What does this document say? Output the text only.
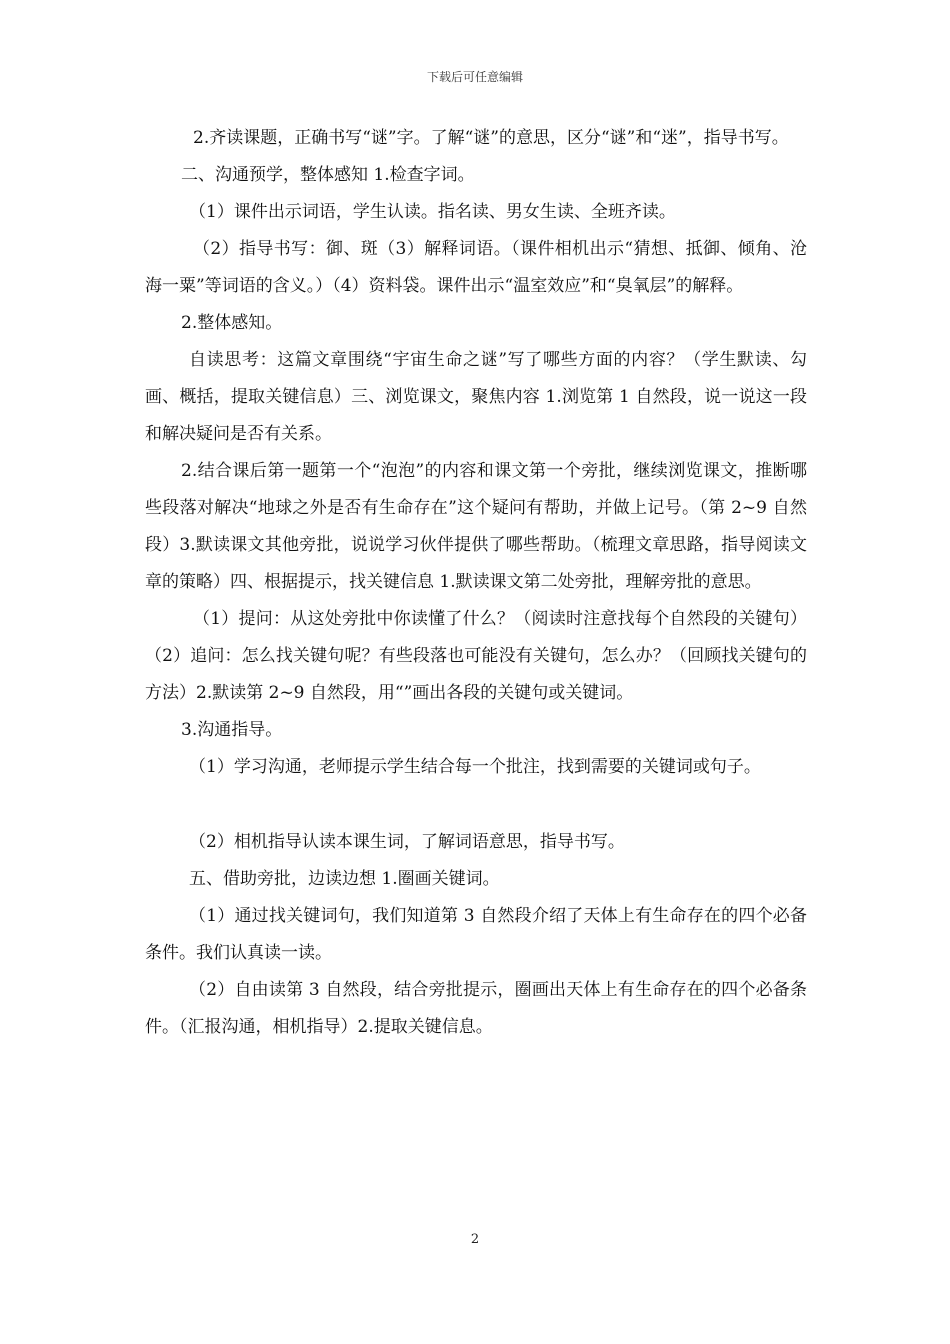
下载后可任意编辑

2.齐读课题，正确书写“谜”字。了解“谜”的意思，区分“谜”和“迷”，指导书写。

二、沟通预学，整体感知 1.检查字词。

（1）课件出示词语，学生认读。指名读、男女生读、全班齐读。

（2）指导书写：御、斑（3）解释词语。（课件相机出示“猜想、抵御、倾角、沧海一粟”等词语的含义。）（4）资料袋。课件出示“温室效应”和“臭氧层”的解释。

2.整体感知。

自读思考：这篇文章围绕“宇宙生命之谜”写了哪些方面的内容？（学生默读、勾画、概括，提取关键信息）三、浏览课文，聚焦内容 1.浏览第 1 自然段，说一说这一段和解决疑问是否有关系。

2.结合课后第一题第一个“泡泡”的内容和课文第一个旁批，继续浏览课文，推断哪些段落对解决“地球之外是否有生命存在”这个疑问有帮助，并做上记号。（第 2~9 自然段）3.默读课文其他旁批，说说学习伙伴提供了哪些帮助。（梳理文章思路，指导阅读文章的策略）四、根据提示，找关键信息 1.默读课文第二处旁批，理解旁批的意思。

（1）提问：从这处旁批中你读懂了什么？（阅读时注意找每个自然段的关键句）（2）追问：怎么找关键句呢？有些段落也可能没有关键句，怎么办？（回顾找关键句的方法）2.默读第 2~9 自然段，用“”画出各段的关键句或关键词。

3.沟通指导。

（1）学习沟通，老师提示学生结合每一个批注，找到需要的关键词或句子。

（2）相机指导认读本课生词，了解词语意思，指导书写。

五、借助旁批，边读边想 1.圈画关键词。

（1）通过找关键词句，我们知道第 3 自然段介绍了天体上有生命存在的四个必备条件。我们认真读一读。

（2）自由读第 3 自然段，结合旁批提示，圈画出天体上有生命存在的四个必备条件。（汇报沟通，相机指导）2.提取关键信息。

2
